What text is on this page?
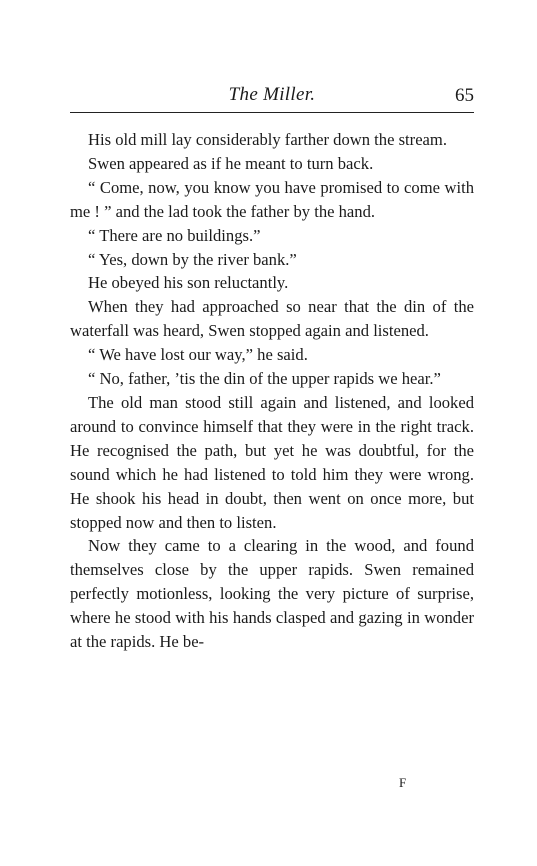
The Miller.	65

His old mill lay considerably farther down the stream.

Swen appeared as if he meant to turn back.

“ Come, now, you know you have promised to come with me ! ” and the lad took the father by the hand.

“ There are no buildings.”

“ Yes, down by the river bank.”

He obeyed his son reluctantly.

When they had approached so near that the din of the waterfall was heard, Swen stopped again and listened.

“ We have lost our way,” he said.

“ No, father, ’tis the din of the upper rapids we hear.”

The old man stood still again and listened, and looked around to convince himself that they were in the right track. He recognised the path, but yet he was doubtful, for the sound which he had listened to told him they were wrong. He shook his head in doubt, then went on once more, but stopped now and then to listen.

Now they came to a clearing in the wood, and found themselves close by the upper rapids. Swen remained perfectly motionless, looking the very picture of surprise, where he stood with his hands clasped and gazing in wonder at the rapids. He be-

F
